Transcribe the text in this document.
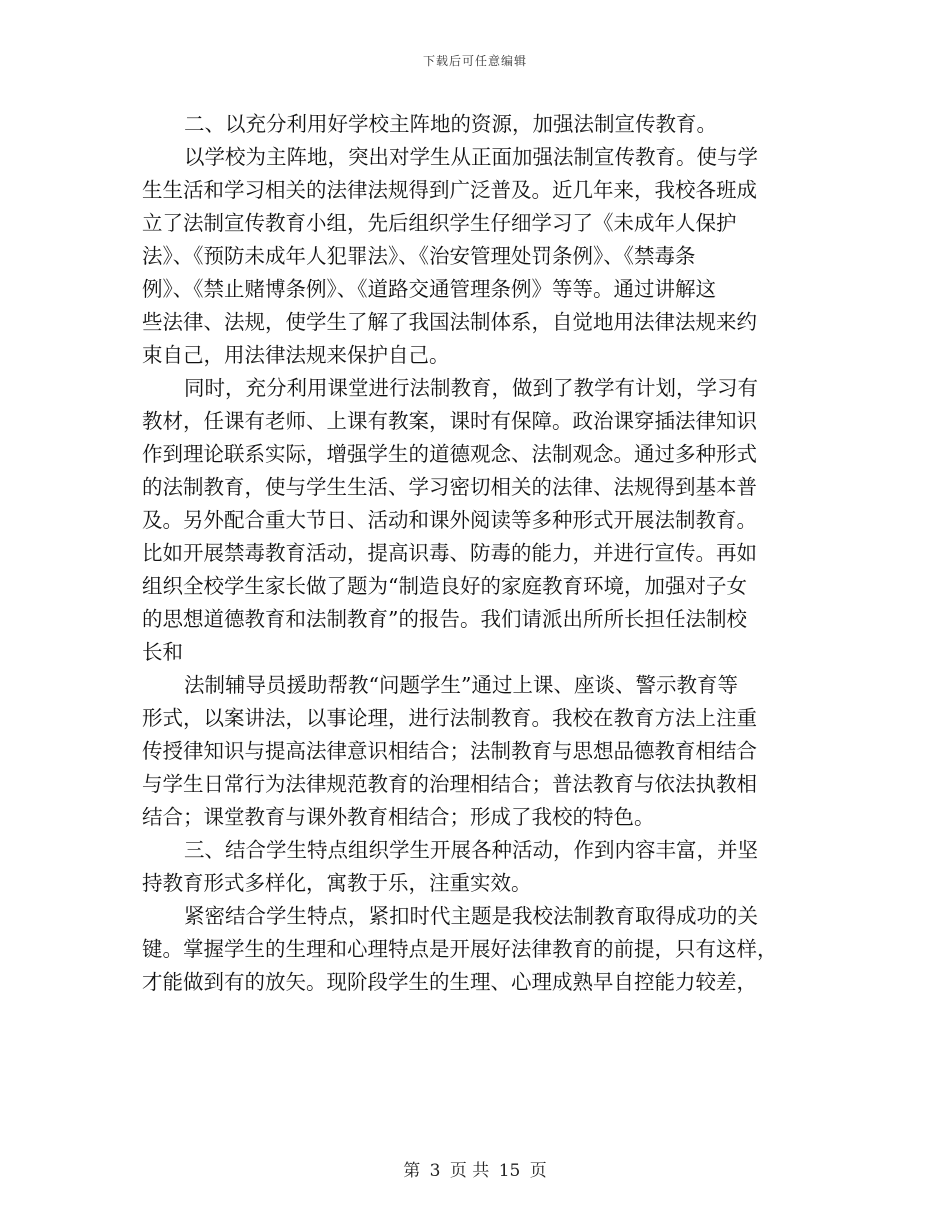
下载后可任意编辑
二、以充分利用好学校主阵地的资源，加强法制宣传教育。
以学校为主阵地，突出对学生从正面加强法制宣传教育。使与学
生生活和学习相关的法律法规得到广泛普及。近几年来，我校各班成
立了法制宣传教育小组，先后组织学生仔细学习了《未成年人保护
法》、《预防未成年人犯罪法》、《治安管理处罚条例》、《禁毒条
例》、《禁止赌博条例》、《道路交通管理条例》等等。通过讲解这
些法律、法规，使学生了解了我国法制体系，自觉地用法律法规来约
束自己，用法律法规来保护自己。
同时，充分利用课堂进行法制教育，做到了教学有计划，学习有
教材，任课有老师、上课有教案，课时有保障。政治课穿插法律知识
作到理论联系实际，增强学生的道德观念、法制观念。通过多种形式
的法制教育，使与学生生活、学习密切相关的法律、法规得到基本普
及。另外配合重大节日、活动和课外阅读等多种形式开展法制教育。
比如开展禁毒教育活动，提高识毒、防毒的能力，并进行宣传。再如
组织全校学生家长做了题为“制造良好的家庭教育环境，加强对子女
的思想道德教育和法制教育”的报告。我们请派出所所长担任法制校
长和
法制辅导员援助帮教“问题学生”通过上课、座谈、警示教育等
形式，以案讲法，以事论理，进行法制教育。我校在教育方法上注重
传授律知识与提高法律意识相结合；法制教育与思想品德教育相结合
与学生日常行为法律规范教育的治理相结合；普法教育与依法执教相
结合；课堂教育与课外教育相结合；形成了我校的特色。
三、结合学生特点组织学生开展各种活动，作到内容丰富，并坚
持教育形式多样化，寓教于乐，注重实效。
紧密结合学生特点，紧扣时代主题是我校法制教育取得成功的关
键。掌握学生的生理和心理特点是开展好法律教育的前提，只有这样，
才能做到有的放矢。现阶段学生的生理、心理成熟早自控能力较差，
第 3 页 共 15 页
